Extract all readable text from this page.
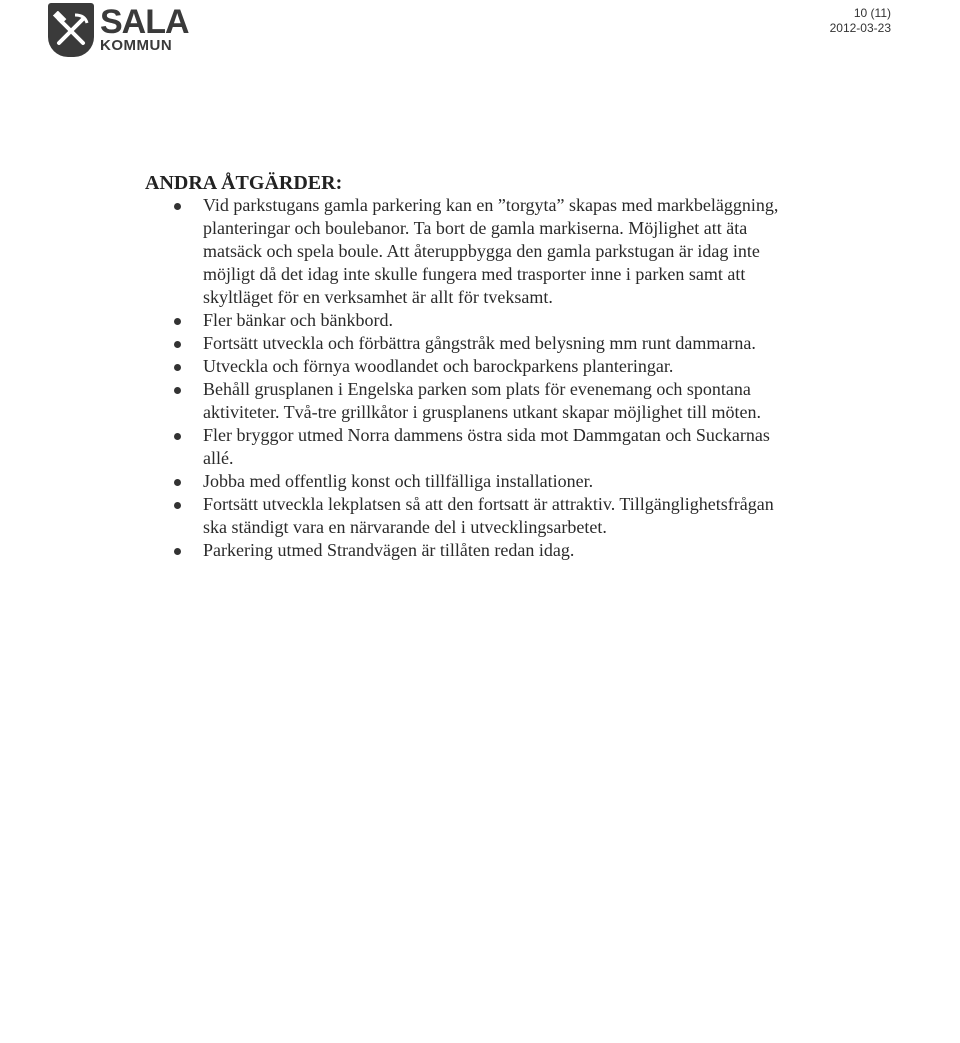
SALA
KOMMUN
10 (11)
2012-03-23
ANDRA ÅTGÄRDER:
Vid parkstugans gamla parkering kan en ”torgyta” skapas med markbeläggning, planteringar och boulebanor. Ta bort de gamla markiserna. Möjlighet att äta matsäck och spela boule. Att återuppbygga den gamla parkstugan är idag inte möjligt då det idag inte skulle fungera med trasporter inne i parken samt att skyltläget för en verksamhet är allt för tveksamt.
Fler bänkar och bänkbord.
Fortsätt utveckla och förbättra gångstråk med belysning mm runt dammarna.
Utveckla och förnya woodlandet och barockparkens planteringar.
Behåll grusplanen i Engelska parken som plats för evenemang och spontana aktiviteter. Två-tre grillkåtor i grusplanens utkant skapar möjlighet till möten.
Fler bryggor utmed Norra dammens östra sida mot Dammgatan och Suckarnas allé.
Jobba med offentlig konst och tillfälliga installationer.
Fortsätt utveckla lekplatsen så att den fortsatt är attraktiv. Tillgänglighetsfrågan ska ständigt vara en närvarande del i utvecklingsarbetet.
Parkering utmed Strandvägen är tillåten redan idag.
